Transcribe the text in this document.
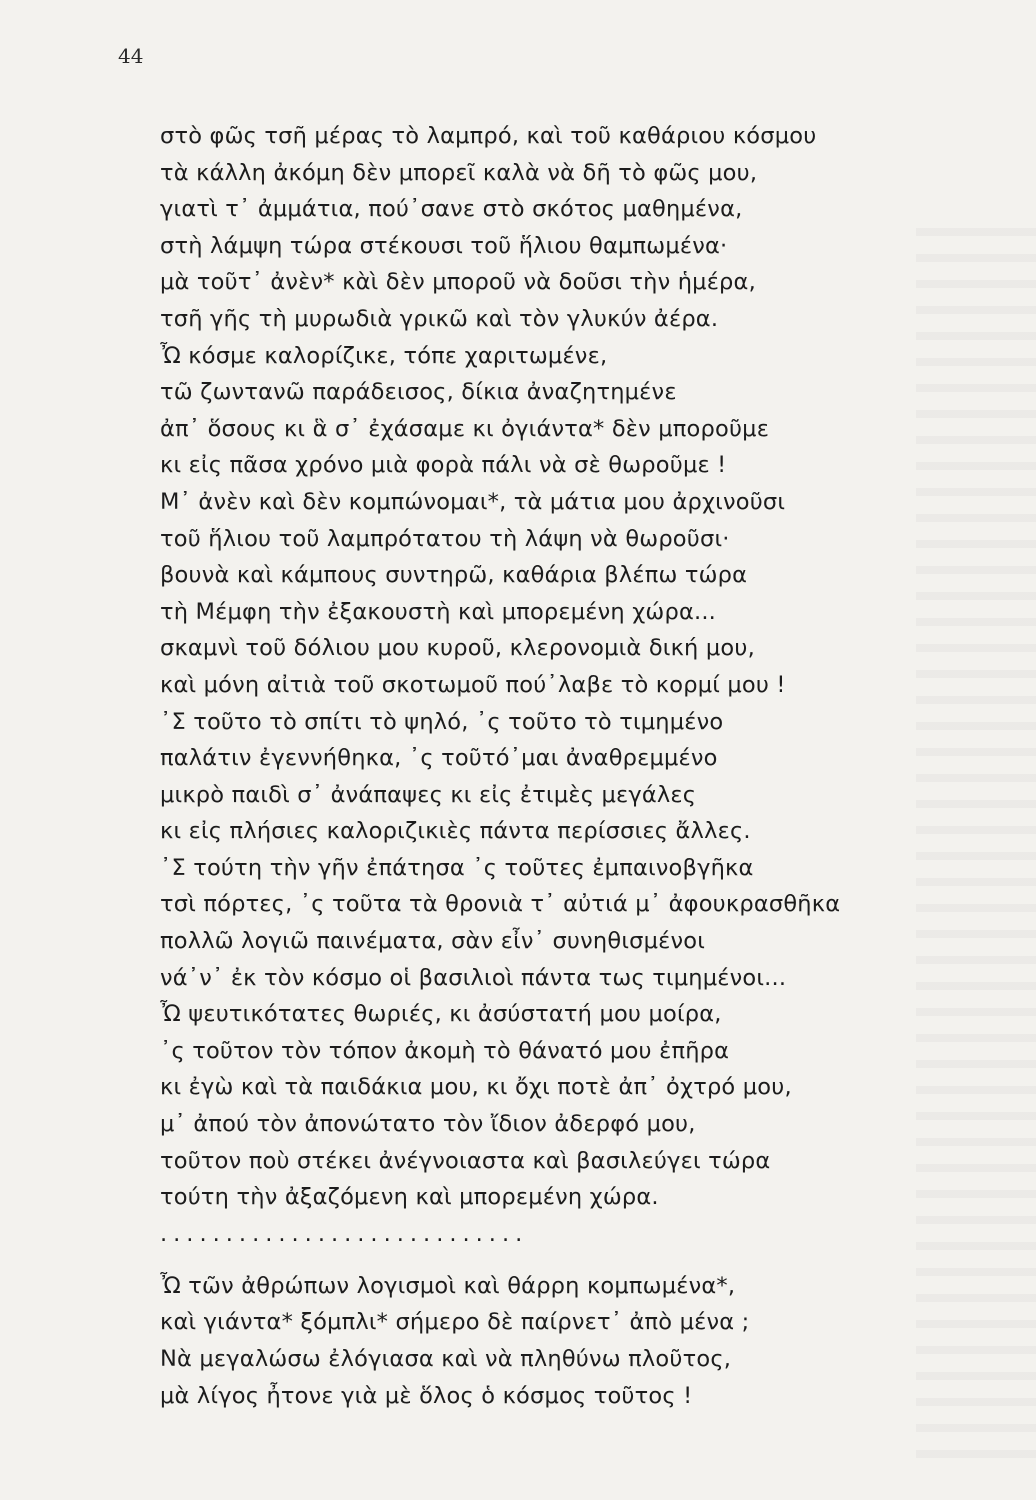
44
στὸ φῶς τσῆ μέρας τὸ λαμπρό, καὶ τοῦ καθάριου κόσμου
τὰ κάλλη ἀκόμη δὲν μπορεῖ καλὰ νὰ δῆ τὸ φῶς μου,
γιατὶ τ᾽ ἀμμάτια, πού᾽σανε στὸ σκότος μαθημένα,
στὴ λάμψη τώρα στέκουσι τοῦ ἥλιου θαμπωμένα·
μὰ τοῦτ᾽ ἀνὲν* κὰὶ δὲν μποροῦ νὰ δοῦσι τὴν ἡμέρα,
τσῆ γῆς τὴ μυρωδιὰ γρικῶ καὶ τὸν γλυκύν ἀέρα.
Ὦ κόσμε καλορίζικε, τόπε χαριτωμένε,
τῶ ζωντανῶ παράδεισος, δίκια ἀναζητημένε
ἀπ᾽ ὅσους κι ἃ σ᾽ ἐχάσαμε κι ὀγιάντα* δὲν μποροῦμε
κι εἰς πᾶσα χρόνο μιὰ φορὰ πάλι νὰ σὲ θωροῦμε !
Μ᾽ ἀνὲν καὶ δὲν κομπώνομαι*, τὰ μάτια μου ἀρχινοῦσι
τοῦ ἥλιου τοῦ λαμπρότατου τὴ λάψη νὰ θωροῦσι·
βουνὰ καὶ κάμπους συντηρῶ, καθάρια βλέπω τώρα
τὴ Μέμφη τὴν ἐξακουστὴ καὶ μπορεμένη χώρα...
σκαμνὶ τοῦ δόλιου μου κυροῦ, κλερονομιὰ δική μου,
καὶ μόνη αἰτιὰ τοῦ σκοτωμοῦ πού᾽λαβε τὸ κορμί μου !
᾽Σ τοῦτο τὸ σπίτι τὸ ψηλό, ᾽ς τοῦτο τὸ τιμημένο
παλάτιν ἐγεννήθηκα, ᾽ς τοῦτό᾽μαι ἀναθρεμμένο
μικρὸ παιδὶ σ᾽ ἀνάπαψες κι εἰς ἐτιμὲς μεγάλες
κι εἰς πλήσιες καλοριζικιὲς πάντα περίσσιες ἄλλες.
᾽Σ τούτη τὴν γῆν ἐπάτησα ᾽ς τοῦτες ἐμπαινοβγῆκα
τσὶ πόρτες, ᾽ς τοῦτα τὰ θρονιὰ τ᾽ αὐτιά μ᾽ ἀφουκρασθῆκα
πολλῶ λογιῶ παινέματα, σὰν εἶν᾽ συνηθισμένοι
νά᾽ν᾽ ἐκ τὸν κόσμο οἱ βασιλιοὶ πάντα τως τιμημένοι...
Ὦ ψευτικότατες θωριές, κι ἀσύστατή μου μοίρα,
᾽ς τοῦτον τὸν τόπον ἀκομὴ τὸ θάνατό μου ἐπῆρα
κι ἐγὼ καὶ τὰ παιδάκια μου, κι ὄχι ποτὲ ἀπ᾽ ὀχτρό μου,
μ᾽ ἀπού τὸν ἀπονώτατο τὸν ἴδιον ἀδερφό μου,
τοῦτον ποὺ στέκει ἀνέγνοιαστα καὶ βασιλεύγει τώρα
τούτη τὴν ἀξαζόμενη καὶ μπορεμένη χώρα.
............................
Ὦ τῶν ἀθρώπων λογισμοὶ καὶ θάρρη κομπωμένα*,
καὶ γιάντα* ξόμπλι* σήμερο δὲ παίρνετ᾽ ἀπὸ μένα ;
Νὰ μεγαλώσω ἐλόγιασα καὶ νὰ πληθύνω πλοῦτος,
μὰ λίγος ἦτονε γιὰ μὲ ὅλος ὁ κόσμος τοῦτος !
